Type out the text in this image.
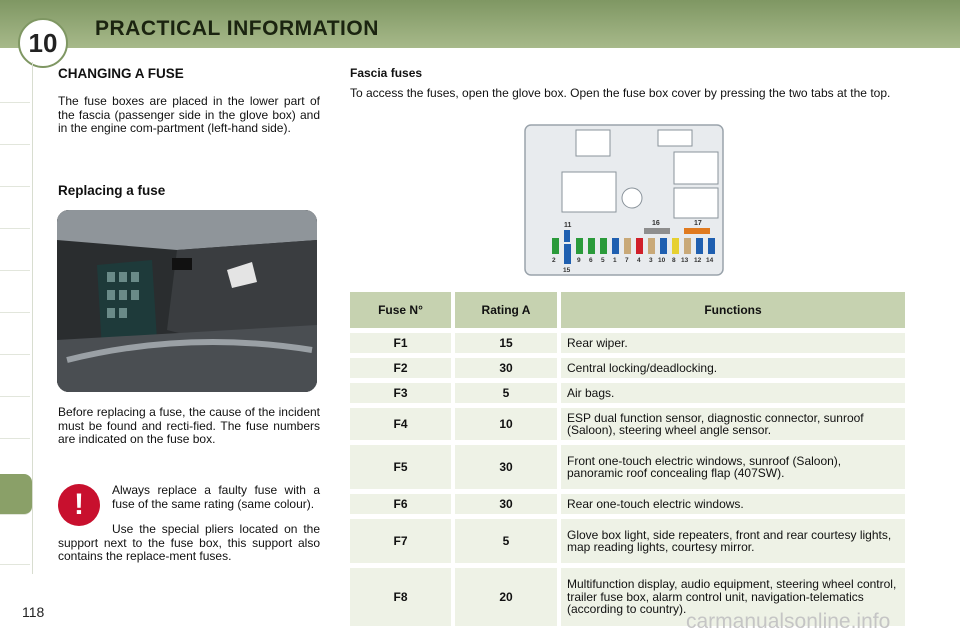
PRACTICAL INFORMATION
10
CHANGING A FUSE

The fuse boxes are placed in the lower part of the fascia (passenger side in the glove box) and in the engine com-partment (left-hand side).

Replacing a fuse

Before replacing a fuse, the cause of the incident must be found and recti-fied. The fuse numbers are indicated on the fuse box.

!	Always replace a faulty fuse with a fuse of the same rating (same colour).

Use the special pliers located on the support next to the fuse box, this support also contains the replace-ment fuses.

Fascia fuses

To access the fuses, open the glove box. Open the fuse box cover by pressing the two tabs at the top.

11	16	17
2	9 6 5 1 7 4 3 10 8 13 12 14
15
Fuse N°	Rating A	Functions
F1	15	Rear wiper.
F2	30	Central locking/deadlocking.
F3	5	Air bags.
F4	10	ESP dual function sensor, diagnostic connector, sunroof (Saloon), steering wheel angle sensor.
F5	30	Front one-touch electric windows, sunroof (Saloon), panoramic roof concealing flap (407SW).
F6	30	Rear one-touch electric windows.
F7	5	Glove box light, side repeaters, front and rear courtesy lights, map reading lights, courtesy mirror.
F8	20	Multifunction display, audio equipment, steering wheel control, trailer fuse box, alarm control unit, navigation-telematics (according to country).
118	carmanualsonline.info
